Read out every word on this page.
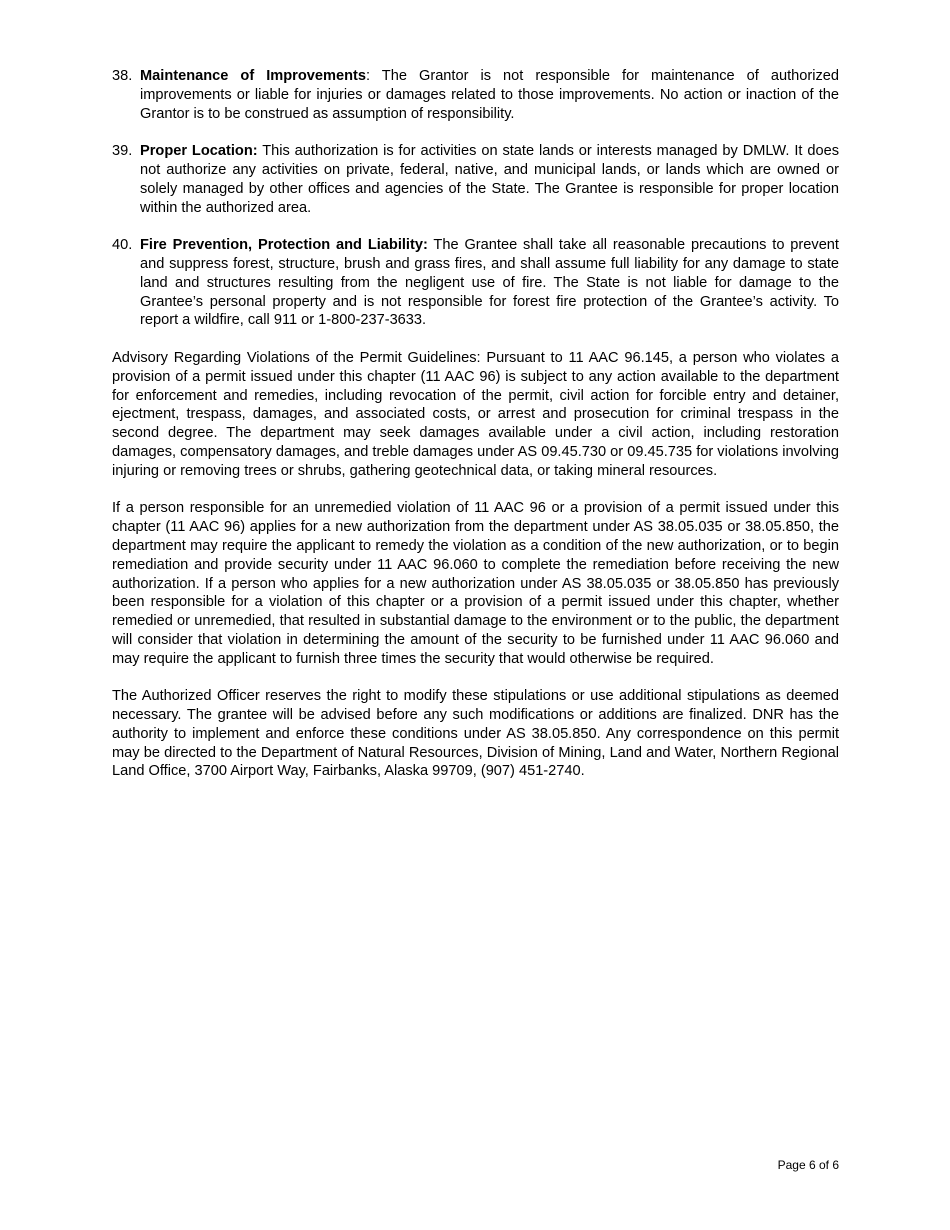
38. Maintenance of Improvements: The Grantor is not responsible for maintenance of authorized improvements or liable for injuries or damages related to those improvements. No action or inaction of the Grantor is to be construed as assumption of responsibility.
39. Proper Location: This authorization is for activities on state lands or interests managed by DMLW. It does not authorize any activities on private, federal, native, and municipal lands, or lands which are owned or solely managed by other offices and agencies of the State. The Grantee is responsible for proper location within the authorized area.
40. Fire Prevention, Protection and Liability: The Grantee shall take all reasonable precautions to prevent and suppress forest, structure, brush and grass fires, and shall assume full liability for any damage to state land and structures resulting from the negligent use of fire. The State is not liable for damage to the Grantee’s personal property and is not responsible for forest fire protection of the Grantee’s activity. To report a wildfire, call 911 or 1-800-237-3633.

Advisory Regarding Violations of the Permit Guidelines: Pursuant to 11 AAC 96.145, a person who violates a provision of a permit issued under this chapter (11 AAC 96) is subject to any action available to the department for enforcement and remedies, including revocation of the permit, civil action for forcible entry and detainer, ejectment, trespass, damages, and associated costs, or arrest and prosecution for criminal trespass in the second degree. The department may seek damages available under a civil action, including restoration damages, compensatory damages, and treble damages under AS 09.45.730 or 09.45.735 for violations involving injuring or removing trees or shrubs, gathering geotechnical data, or taking mineral resources.

If a person responsible for an unremedied violation of 11 AAC 96 or a provision of a permit issued under this chapter (11 AAC 96) applies for a new authorization from the department under AS 38.05.035 or 38.05.850, the department may require the applicant to remedy the violation as a condition of the new authorization, or to begin remediation and provide security under 11 AAC 96.060 to complete the remediation before receiving the new authorization. If a person who applies for a new authorization under AS 38.05.035 or 38.05.850 has previously been responsible for a violation of this chapter or a provision of a permit issued under this chapter, whether remedied or unremedied, that resulted in substantial damage to the environment or to the public, the department will consider that violation in determining the amount of the security to be furnished under 11 AAC 96.060 and may require the applicant to furnish three times the security that would otherwise be required.

The Authorized Officer reserves the right to modify these stipulations or use additional stipulations as deemed necessary. The grantee will be advised before any such modifications or additions are finalized. DNR has the authority to implement and enforce these conditions under AS 38.05.850. Any correspondence on this permit may be directed to the Department of Natural Resources, Division of Mining, Land and Water, Northern Regional Land Office, 3700 Airport Way, Fairbanks, Alaska 99709, (907) 451-2740.

Page 6 of 6
